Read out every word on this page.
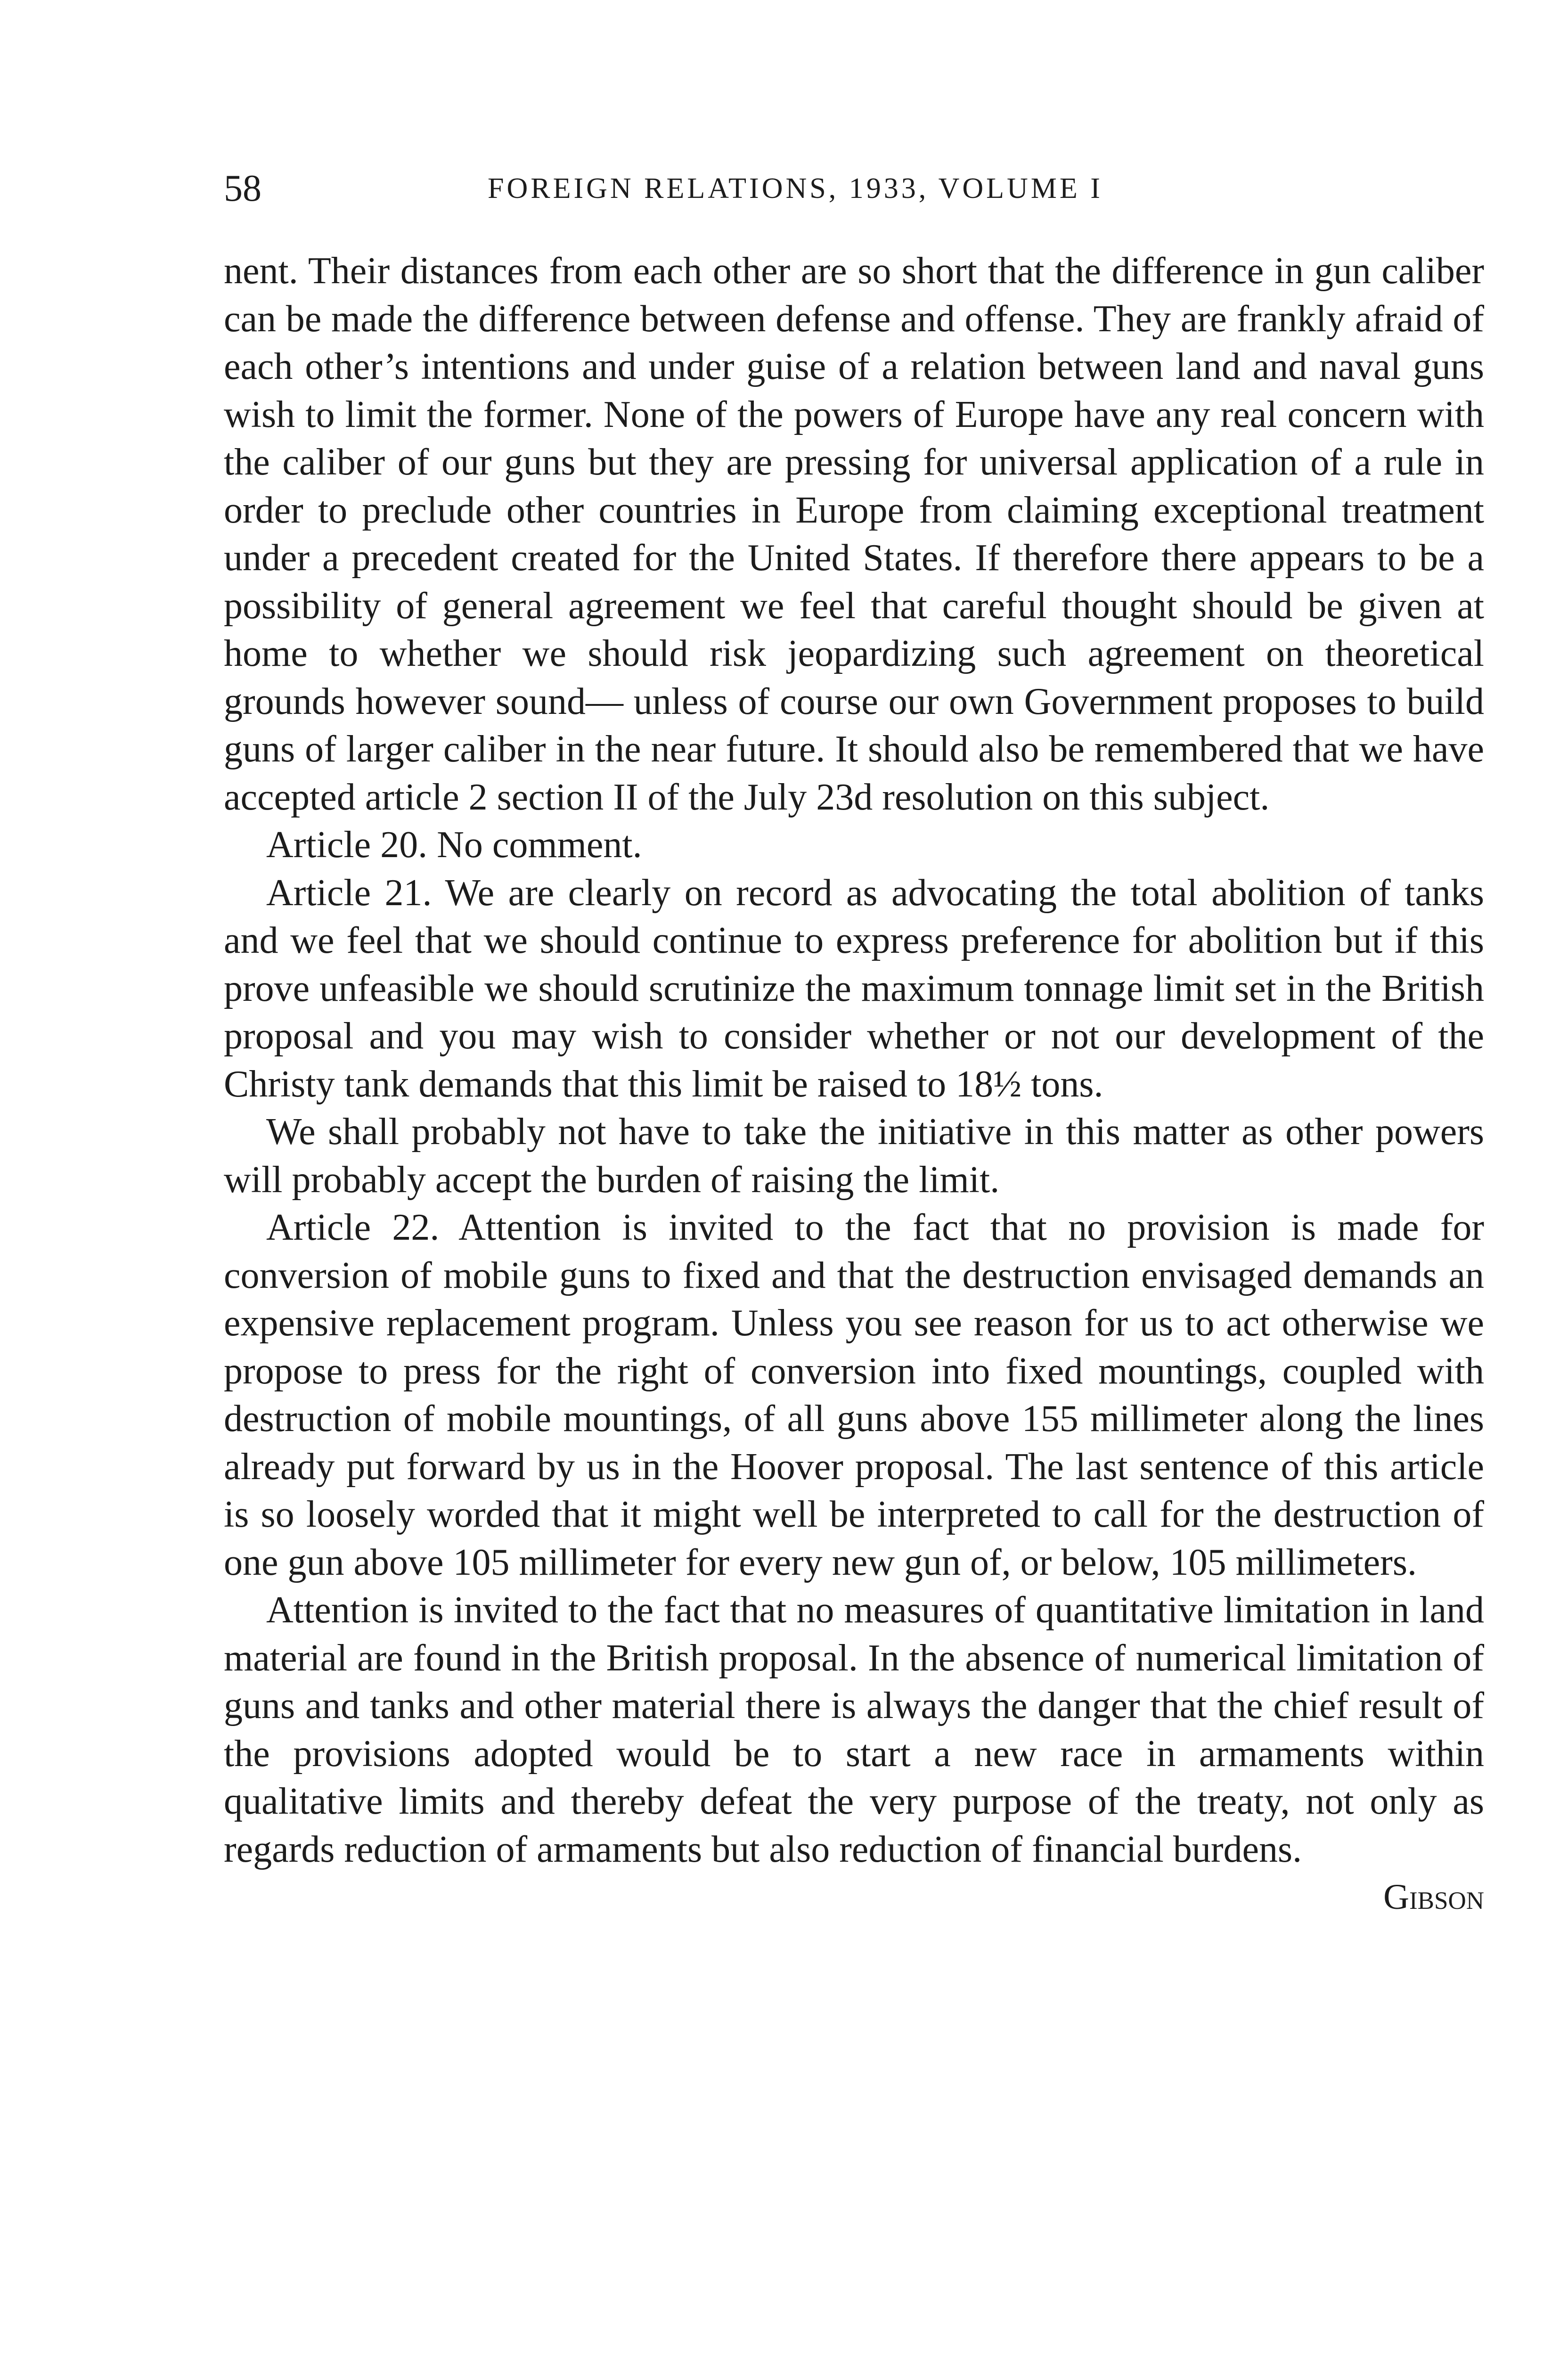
58	FOREIGN RELATIONS, 1933, VOLUME I

nent. Their distances from each other are so short that the difference in gun caliber can be made the difference between defense and offense. They are frankly afraid of each other’s intentions and under guise of a relation between land and naval guns wish to limit the former. None of the powers of Europe have any real concern with the caliber of our guns but they are pressing for universal application of a rule in order to preclude other countries in Europe from claiming exceptional treatment under a precedent created for the United States. If therefore there appears to be a possibility of general agreement we feel that careful thought should be given at home to whether we should risk jeopardizing such agreement on theoretical grounds however sound— unless of course our own Government proposes to build guns of larger caliber in the near future. It should also be remembered that we have accepted article 2 section II of the July 23d resolution on this subject.

Article 20. No comment.

Article 21. We are clearly on record as advocating the total abolition of tanks and we feel that we should continue to express preference for abolition but if this prove unfeasible we should scrutinize the maximum tonnage limit set in the British proposal and you may wish to consider whether or not our development of the Christy tank demands that this limit be raised to 18½ tons.

We shall probably not have to take the initiative in this matter as other powers will probably accept the burden of raising the limit.

Article 22. Attention is invited to the fact that no provision is made for conversion of mobile guns to fixed and that the destruction envisaged demands an expensive replacement program. Unless you see reason for us to act otherwise we propose to press for the right of conversion into fixed mountings, coupled with destruction of mobile mountings, of all guns above 155 millimeter along the lines already put forward by us in the Hoover proposal. The last sentence of this article is so loosely worded that it might well be interpreted to call for the destruction of one gun above 105 millimeter for every new gun of, or below, 105 millimeters.

Attention is invited to the fact that no measures of quantitative limitation in land material are found in the British proposal. In the absence of numerical limitation of guns and tanks and other material there is always the danger that the chief result of the provisions adopted would be to start a new race in armaments within qualitative limits and thereby defeat the very purpose of the treaty, not only as regards reduction of armaments but also reduction of financial burdens.

Gibson
